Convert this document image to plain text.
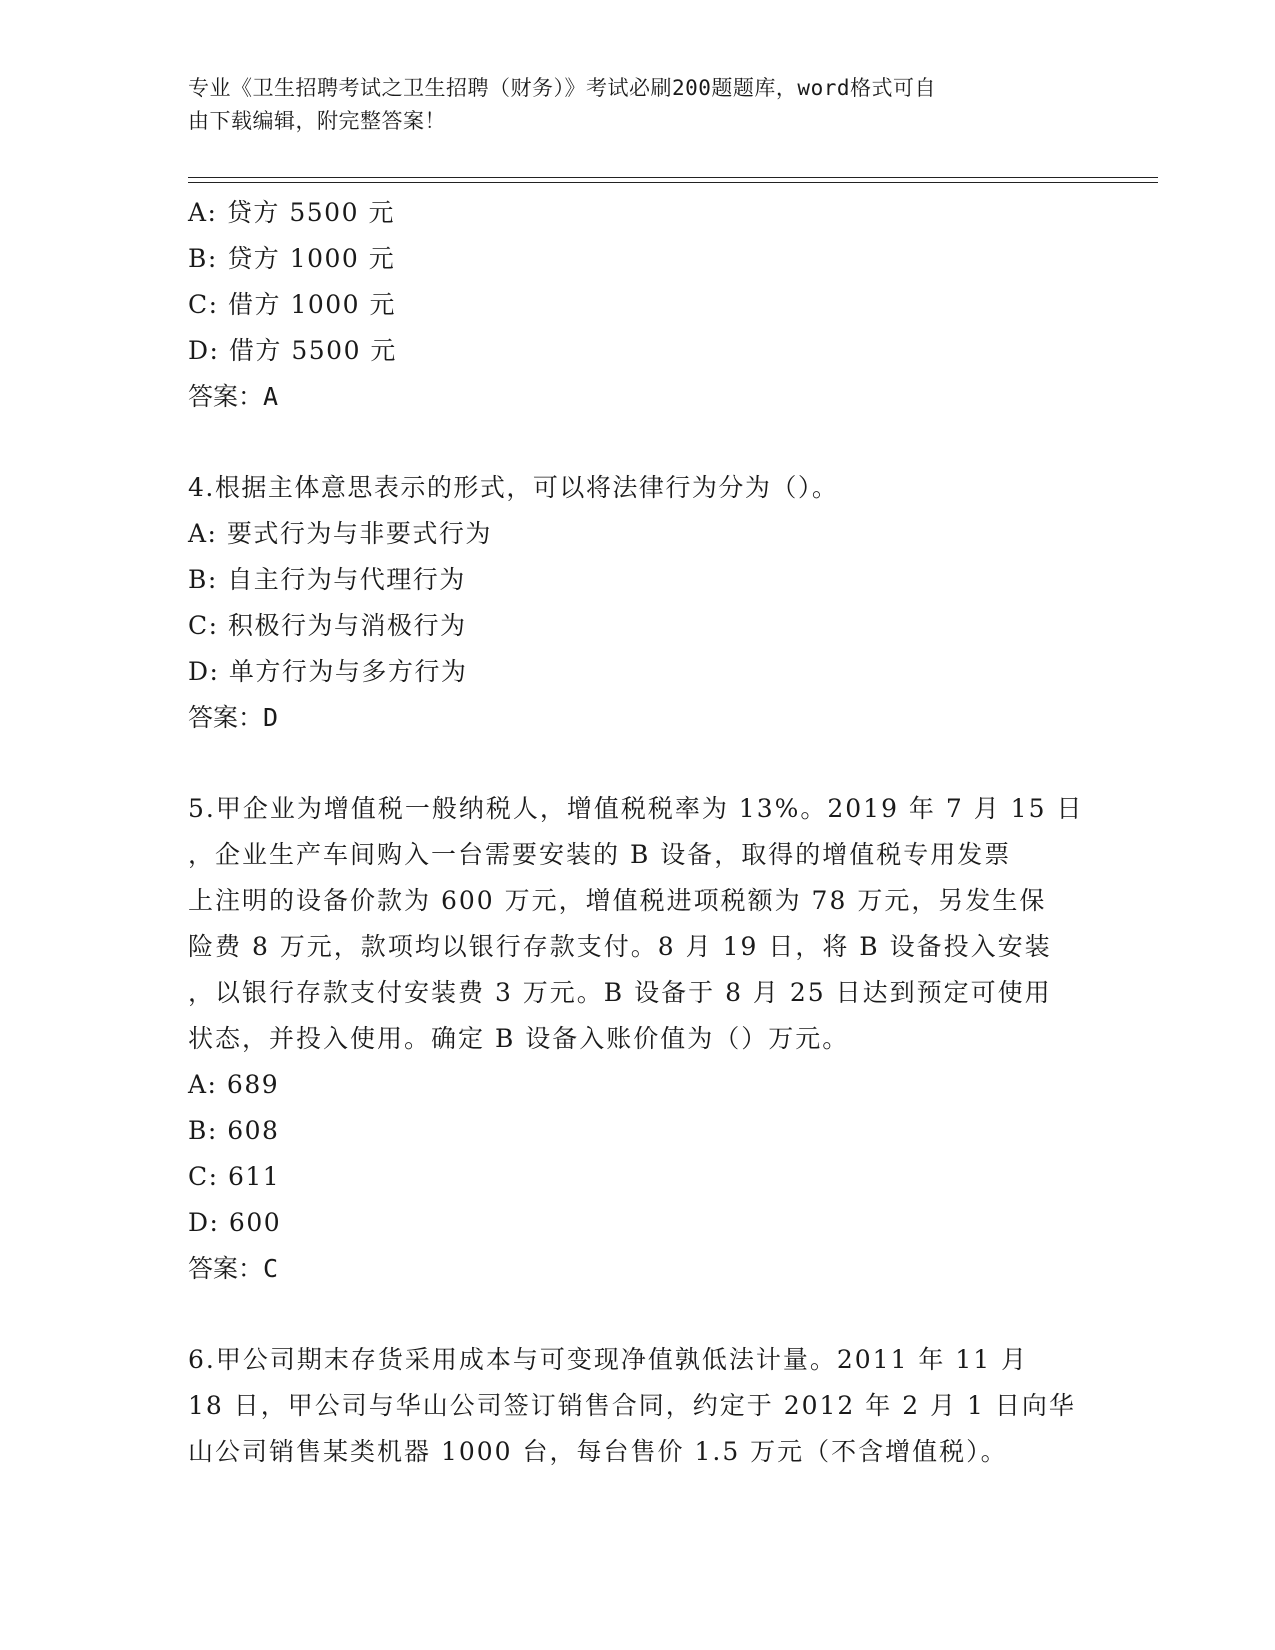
专业《卫生招聘考试之卫生招聘（财务）》考试必刷200题题库，word格式可自
由下载编辑，附完整答案！
A: 贷方 5500 元
B: 贷方 1000 元
C: 借方 1000 元
D: 借方 5500 元
答案：A
4.根据主体意思表示的形式，可以将法律行为分为（）。
A: 要式行为与非要式行为
B: 自主行为与代理行为
C: 积极行为与消极行为
D: 单方行为与多方行为
答案：D
5.甲企业为增值税一般纳税人，增值税税率为 13%。2019 年 7 月 15 日
，企业生产车间购入一台需要安装的 B 设备，取得的增值税专用发票
上注明的设备价款为 600 万元，增值税进项税额为 78 万元，另发生保
险费 8 万元，款项均以银行存款支付。8 月 19 日，将 B 设备投入安装
，以银行存款支付安装费 3 万元。B 设备于 8 月 25 日达到预定可使用
状态，并投入使用。确定 B 设备入账价值为（）万元。
A: 689
B: 608
C: 611
D: 600
答案：C
6.甲公司期末存货采用成本与可变现净值孰低法计量。2011 年 11 月
18 日，甲公司与华山公司签订销售合同，约定于 2012 年 2 月 1 日向华
山公司销售某类机器 1000 台，每台售价 1.5 万元（不含增值税）。
